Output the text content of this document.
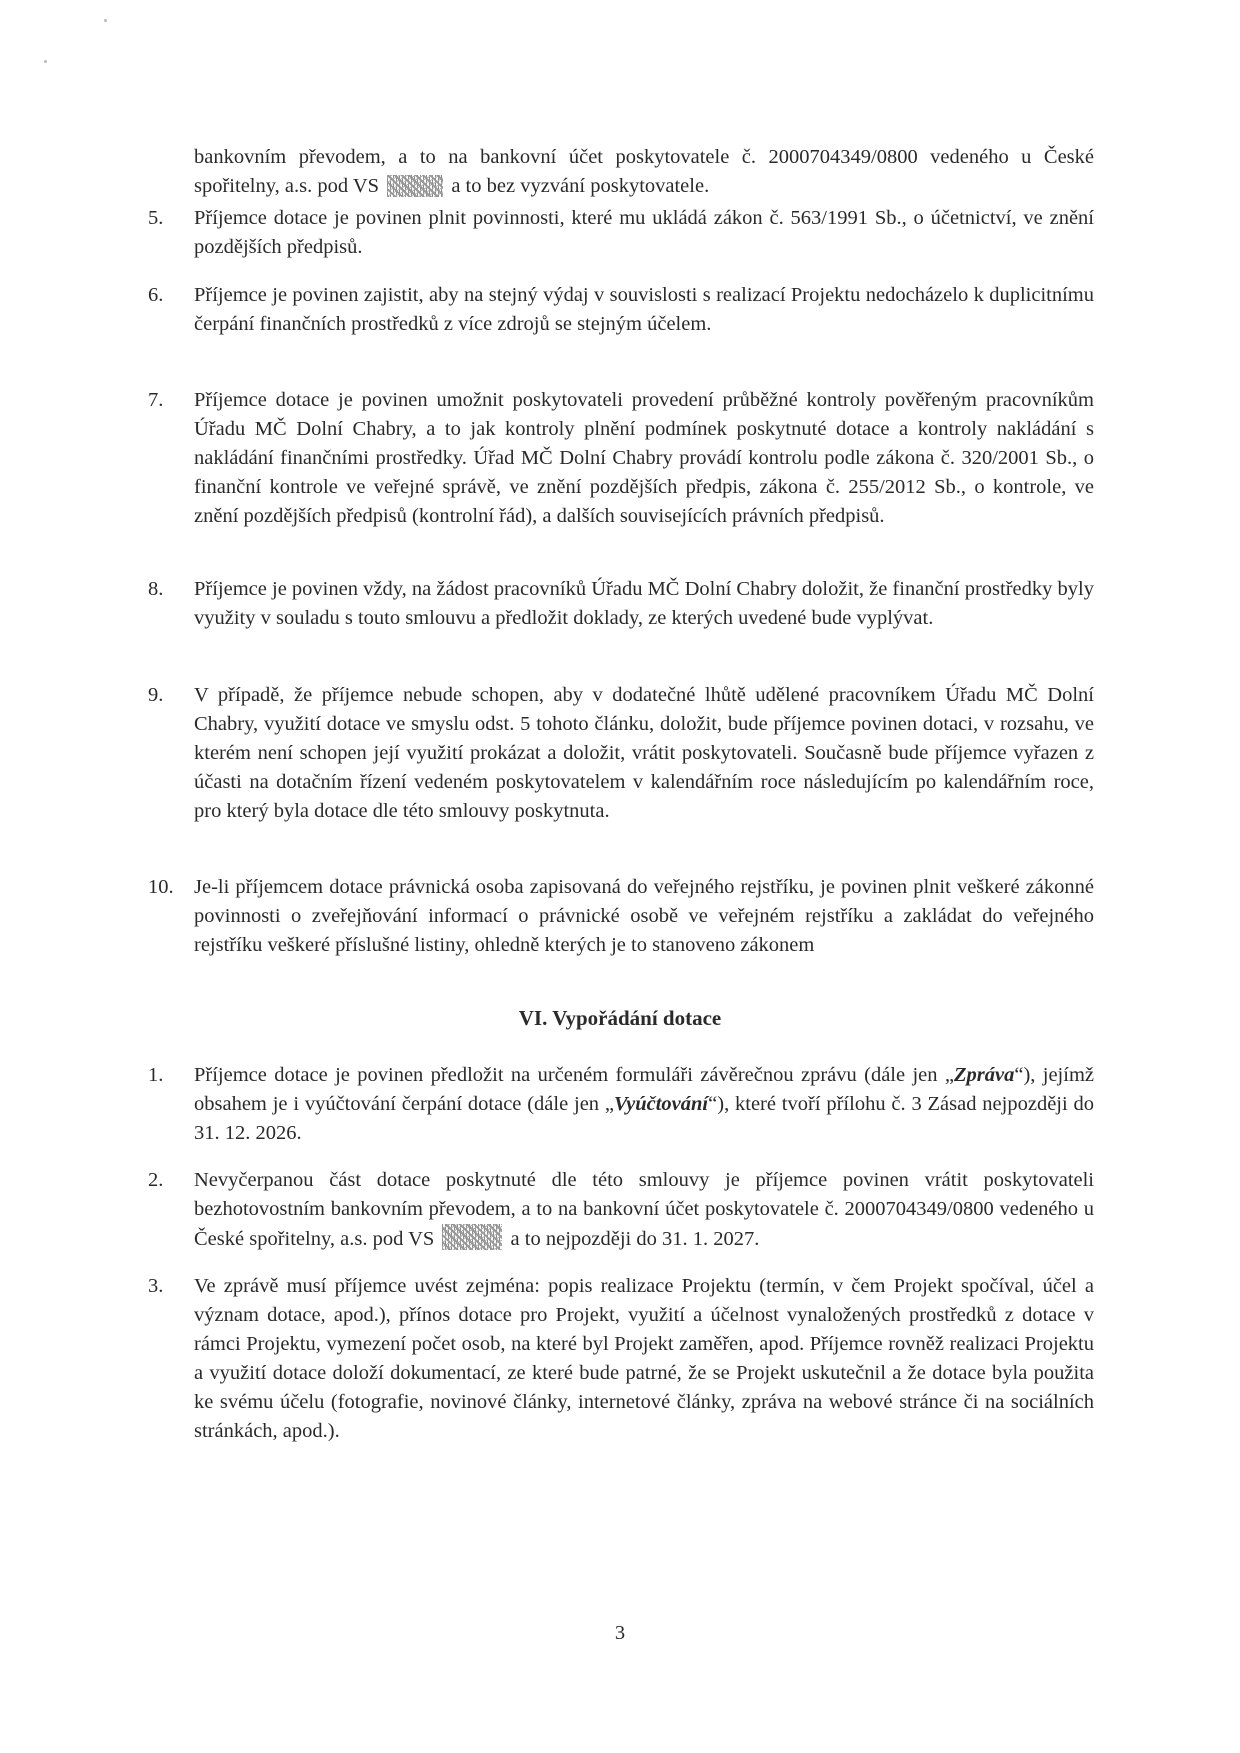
bankovním převodem, a to na bankovní účet poskytovatele č. 2000704349/0800 vedeného u České spořitelny, a.s. pod VS	a to bez vyzvání poskytovatele.
5.	Příjemce dotace je povinen plnit povinnosti, které mu ukládá zákon č. 563/1991 Sb., o účetnictví, ve znění pozdějších předpisů.
6.	Příjemce je povinen zajistit, aby na stejný výdaj v souvislosti s realizací Projektu nedocházelo k duplicitnímu čerpání finančních prostředků z více zdrojů se stejným účelem.
7.	Příjemce dotace je povinen umožnit poskytovateli provedení průběžné kontroly pověřeným pracovníkům Úřadu MČ Dolní Chabry, a to jak kontroly plnění podmínek poskytnuté dotace a kontroly nakládání s nakládání finančními prostředky. Úřad MČ Dolní Chabry provádí kontrolu podle zákona č. 320/2001 Sb., o finanční kontrole ve veřejné správě, ve znění pozdějších předpis, zákona č. 255/2012 Sb., o kontrole, ve znění pozdějších předpisů (kontrolní řád), a dalších souvisejících právních předpisů.
8.	Příjemce je povinen vždy, na žádost pracovníků Úřadu MČ Dolní Chabry doložit, že finanční prostředky byly využity v souladu s touto smlouvu a předložit doklady, ze kterých uvedené bude vyplývat.
9.	V případě, že příjemce nebude schopen, aby v dodatečné lhůtě udělené pracovníkem Úřadu MČ Dolní Chabry, využití dotace ve smyslu odst. 5 tohoto článku, doložit, bude příjemce povinen dotaci, v rozsahu, ve kterém není schopen její využití prokázat a doložit, vrátit poskytovateli. Současně bude příjemce vyřazen z účasti na dotačním řízení vedeném poskytovatelem v kalendářním roce následujícím po kalendářním roce, pro který byla dotace dle této smlouvy poskytnuta.
10. Je-li příjemcem dotace právnická osoba zapisovaná do veřejného rejstříku, je povinen plnit veškeré zákonné povinnosti o zveřejňování informací o právnické osobě ve veřejném rejstříku a zakládat do veřejného rejstříku veškeré příslušné listiny, ohledně kterých je to stanoveno zákonem
VI. Vypořádání dotace
1.	Příjemce dotace je povinen předložit na určeném formuláři závěrečnou zprávu (dále jen „Zpráva“), jejímž obsahem je i vyúčtování čerpání dotace (dále jen „Vyúčtování“), které tvoří přílohu č. 3 Zásad nejpozději do 31. 12. 2026.
2.	Nevyčerpanou část dotace poskytnuté dle této smlouvy je příjemce povinen vrátit poskytovateli bezhotovostním bankovním převodem, a to na bankovní účet poskytovatele č. 2000704349/0800 vedeného u České spořitelny, a.s. pod VS	a to nejpozději do 31. 1. 2027.
3.	Ve zprávě musí příjemce uvést zejména: popis realizace Projektu (termín, v čem Projekt spočíval, účel a význam dotace, apod.), přínos dotace pro Projekt, využití a účelnost vynaložených prostředků z dotace v rámci Projektu, vymezení počet osob, na které byl Projekt zaměřen, apod. Příjemce rovněž realizaci Projektu a využití dotace doloží dokumentací, ze které bude patrné, že se Projekt uskutečnil a že dotace byla použita ke svému účelu (fotografie, novinové články, internetové články, zpráva na webové stránce či na sociálních stránkách, apod.).
3
